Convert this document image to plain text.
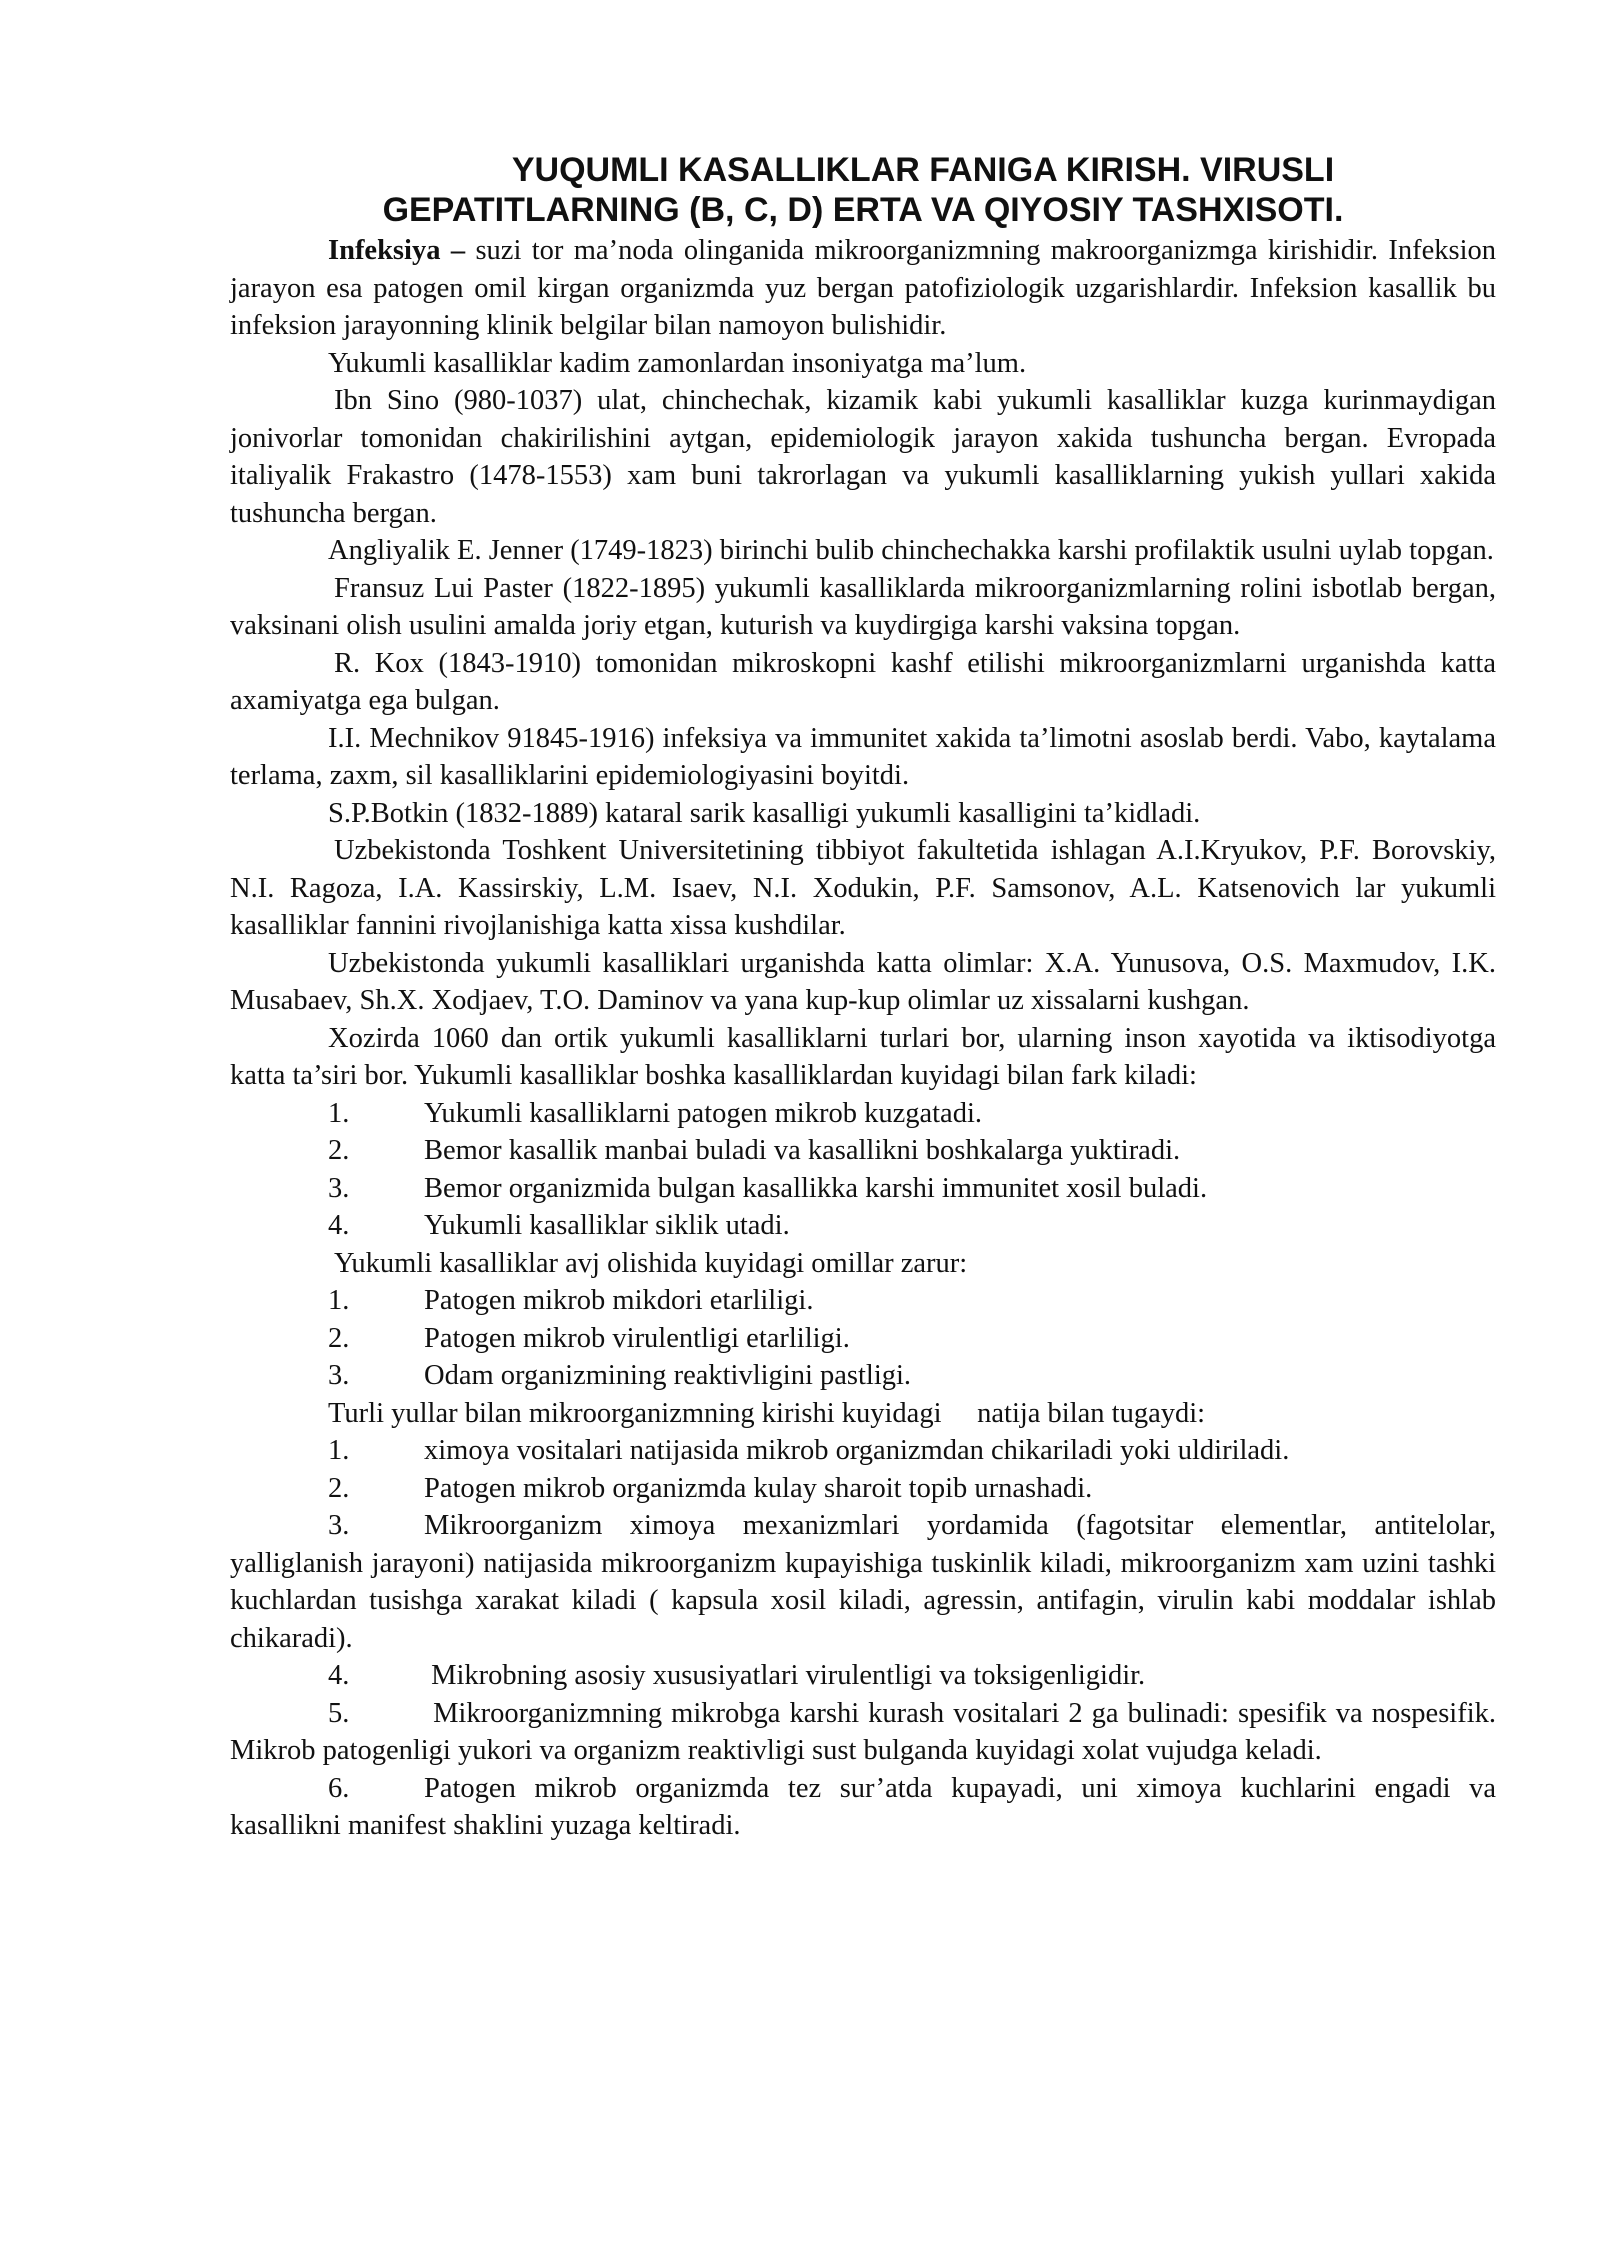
YUQUMLI KASALLIKLAR FANIGA KIRISH. VIRUSLI
GEPATITLARNING (B, C, D) ERTA VA QIYOSIY TASHXISOTI.

Infeksiya – suzi tor ma’noda olinganida mikroorganizmning makroorganizmga kirishidir. Infeksion jarayon esa patogen omil kirgan organizmda yuz bergan patofiziologik uzgarishlardir. Infeksion kasallik bu infeksion jarayonning klinik belgilar bilan namoyon bulishidir.

Yukumli kasalliklar kadim zamonlardan insoniyatga ma’lum.

Ibn Sino (980-1037) ulat, chinchechak, kizamik kabi yukumli kasalliklar kuzga kurinmaydigan jonivorlar tomonidan chakirilishini aytgan, epidemiologik jarayon xakida tushuncha bergan. Evropada italiyalik Frakastro (1478-1553) xam buni takrorlagan va yukumli kasalliklarning yukish yullari xakida tushuncha bergan.

Angliyalik E. Jenner (1749-1823) birinchi bulib chinchechakka karshi profilaktik usulni uylab topgan.

Fransuz Lui Paster (1822-1895) yukumli kasalliklarda mikroorganizmlarning rolini isbotlab bergan, vaksinani olish usulini amalda joriy etgan, kuturish va kuydirgiga karshi vaksina topgan.

R. Kox (1843-1910) tomonidan mikroskopni kashf etilishi mikroorganizmlarni urganishda katta axamiyatga ega bulgan.

I.I. Mechnikov 91845-1916) infeksiya va immunitet xakida ta’limotni asoslab berdi. Vabo, kaytalama terlama, zaxm, sil kasalliklarini epidemiologiyasini boyitdi.

S.P.Botkin (1832-1889) kataral sarik kasalligi yukumli kasalligini ta’kidladi.

Uzbekistonda Toshkent Universitetining tibbiyot fakultetida ishlagan A.I.Kryukov, P.F. Borovskiy, N.I. Ragoza, I.A. Kassirskiy, L.M. Isaev, N.I. Xodukin, P.F. Samsonov, A.L. Katsenovich lar yukumli kasalliklar fannini rivojlanishiga katta xissa kushdilar.

Uzbekistonda yukumli kasalliklari urganishda katta olimlar: X.A. Yunusova, O.S. Maxmudov, I.K. Musabaev, Sh.X. Xodjaev, T.O. Daminov va yana kup-kup olimlar uz xissalarni kushgan.

Xozirda 1060 dan ortik yukumli kasalliklarni turlari bor, ularning inson xayotida va iktisodiyotga katta ta’siri bor. Yukumli kasalliklar boshka kasalliklardan kuyidagi bilan fark kiladi:

1.	Yukumli kasalliklarni patogen mikrob kuzgatadi.
2.	Bemor kasallik manbai buladi va kasallikni boshkalarga yuktiradi.
3.	Bemor organizmida bulgan kasallikka karshi immunitet xosil buladi.
4.	Yukumli kasalliklar siklik utadi.

Yukumli kasalliklar avj olishida kuyidagi omillar zarur:

1.	Patogen mikrob mikdori etarliligi.
2.	Patogen mikrob virulentligi etarliligi.
3.	Odam organizmining reaktivligini pastligi.

Turli yullar bilan mikroorganizmning kirishi kuyidagi     natija bilan tugaydi:

1.	ximoya vositalari natijasida mikrob organizmdan chikariladi yoki uldiriladi.
2.	Patogen mikrob organizmda kulay sharoit topib urnashadi.

3.	Mikroorganizm ximoya mexanizmlari yordamida (fagotsitar elementlar, antitelolar, yalliglanish jarayoni) natijasida mikroorganizm kupayishiga tuskinlik kiladi, mikroorganizm xam uzini tashki kuchlardan tusishga xarakat kiladi ( kapsula xosil kiladi, agressin, antifagin, virulin kabi moddalar ishlab chikaradi).

4.	Mikrobning asosiy xususiyatlari virulentligi va toksigenligidir.

5.	Mikroorganizmning mikrobga karshi kurash vositalari 2 ga bulinadi: spesifik va nospesifik. Mikrob patogenligi yukori va organizm reaktivligi sust bulganda kuyidagi xolat vujudga keladi.

6.	Patogen mikrob organizmda tez sur’atda kupayadi, uni ximoya kuchlarini engadi va kasallikni manifest shaklini yuzaga keltiradi.
